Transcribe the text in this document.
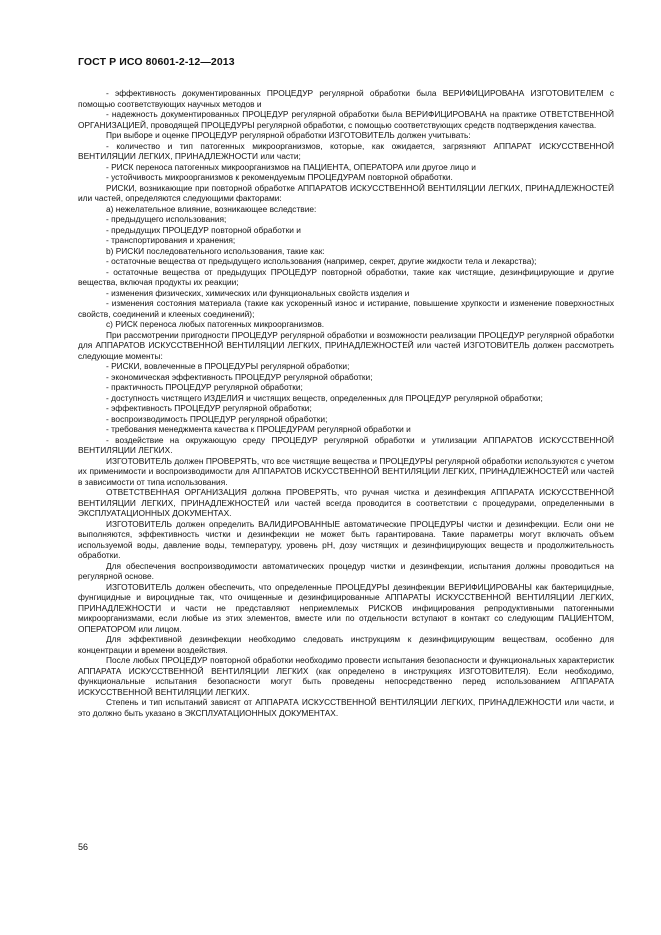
ГОСТ Р ИСО 80601-2-12—2013

- эффективность документированных ПРОЦЕДУР регулярной обработки была ВЕРИФИЦИРОВАНА ИЗГОТОВИТЕЛЕМ с помощью соответствующих научных методов и

- надежность документированных ПРОЦЕДУР регулярной обработки была ВЕРИФИЦИРОВАНА на практике ОТВЕТСТВЕННОЙ ОРГАНИЗАЦИЕЙ, проводящей ПРОЦЕДУРЫ регулярной обработки, с помощью соответствующих средств подтверждения качества.

При выборе и оценке ПРОЦЕДУР регулярной обработки ИЗГОТОВИТЕЛЬ должен учитывать:

- количество и тип патогенных микроорганизмов, которые, как ожидается, загрязняют АППАРАТ ИСКУССТВЕННОЙ ВЕНТИЛЯЦИИ ЛЕГКИХ, ПРИНАДЛЕЖНОСТИ или части;

- РИСК переноса патогенных микроорганизмов на ПАЦИЕНТА, ОПЕРАТОРА или другое лицо и

- устойчивость микроорганизмов к рекомендуемым ПРОЦЕДУРАМ повторной обработки.

РИСКИ, возникающие при повторной обработке АППАРАТОВ ИСКУССТВЕННОЙ ВЕНТИЛЯЦИИ ЛЕГКИХ, ПРИНАДЛЕЖНОСТЕЙ или частей, определяются следующими факторами:

a) нежелательное влияние, возникающее вследствие:

- предыдущего использования;

- предыдущих ПРОЦЕДУР повторной обработки и

- транспортирования и хранения;

b) РИСКИ последовательного использования, такие как:

- остаточные вещества от предыдущего использования (например, секрет, другие жидкости тела и лекарства);

- остаточные вещества от предыдущих ПРОЦЕДУР повторной обработки, такие как чистящие, дезинфицирующие и другие вещества, включая продукты их реакции;

- изменения физических, химических или функциональных свойств изделия и

- изменения состояния материала (такие как ускоренный износ и истирание, повышение хрупкости и изменение поверхностных свойств, соединений и клееных соединений);

c) РИСК переноса любых патогенных микроорганизмов.

При рассмотрении пригодности ПРОЦЕДУР регулярной обработки и возможности реализации ПРОЦЕДУР регулярной обработки для АППАРАТОВ ИСКУССТВЕННОЙ ВЕНТИЛЯЦИИ ЛЕГКИХ, ПРИНАДЛЕЖНОСТЕЙ или частей ИЗГОТОВИТЕЛЬ должен рассмотреть следующие моменты:

- РИСКИ, вовлеченные в ПРОЦЕДУРЫ регулярной обработки;

- экономическая эффективность ПРОЦЕДУР регулярной обработки;

- практичность ПРОЦЕДУР регулярной обработки;

- доступность чистящего ИЗДЕЛИЯ и чистящих веществ, определенных для ПРОЦЕДУР регулярной обработки;

- эффективность ПРОЦЕДУР регулярной обработки;

- воспроизводимость ПРОЦЕДУР регулярной обработки;

- требования менеджмента качества к ПРОЦЕДУРАМ регулярной обработки и

- воздействие на окружающую среду ПРОЦЕДУР регулярной обработки и утилизации АППАРАТОВ ИСКУССТВЕННОЙ ВЕНТИЛЯЦИИ ЛЕГКИХ.

ИЗГОТОВИТЕЛЬ должен ПРОВЕРЯТЬ, что все чистящие вещества и ПРОЦЕДУРЫ регулярной обработки используются с учетом их применимости и воспроизводимости для АППАРАТОВ ИСКУССТВЕННОЙ ВЕНТИЛЯЦИИ ЛЕГКИХ, ПРИНАДЛЕЖНОСТЕЙ или частей в зависимости от типа использования.

ОТВЕТСТВЕННАЯ ОРГАНИЗАЦИЯ должна ПРОВЕРЯТЬ, что ручная чистка и дезинфекция АППАРАТА ИСКУССТВЕННОЙ ВЕНТИЛЯЦИИ ЛЕГКИХ, ПРИНАДЛЕЖНОСТЕЙ или частей всегда проводится в соответствии с процедурами, определенными в ЭКСПЛУАТАЦИОННЫХ ДОКУМЕНТАХ.

ИЗГОТОВИТЕЛЬ должен определить ВАЛИДИРОВАННЫЕ автоматические ПРОЦЕДУРЫ чистки и дезинфекции. Если они не выполняются, эффективность чистки и дезинфекции не может быть гарантирована. Такие параметры могут включать объем используемой воды, давление воды, температуру, уровень pH, дозу чистящих и дезинфицирующих веществ и продолжительность обработки.

Для обеспечения воспроизводимости автоматических процедур чистки и дезинфекции, испытания должны проводиться на регулярной основе.

ИЗГОТОВИТЕЛЬ должен обеспечить, что определенные ПРОЦЕДУРЫ дезинфекции ВЕРИФИЦИРОВАНЫ как бактерицидные, фунгицидные и вироцидные так, что очищенные и дезинфицированные АППАРАТЫ ИСКУССТВЕННОЙ ВЕНТИЛЯЦИИ ЛЕГКИХ, ПРИНАДЛЕЖНОСТИ и части не представляют неприемлемых РИСКОВ инфицирования репродуктивными патогенными микроорганизмами, если любые из этих элементов, вместе или по отдельности вступают в контакт со следующим ПАЦИЕНТОМ, ОПЕРАТОРОМ или лицом.

Для эффективной дезинфекции необходимо следовать инструкциям к дезинфицирующим веществам, особенно для концентрации и времени воздействия.

После любых ПРОЦЕДУР повторной обработки необходимо провести испытания безопасности и функциональных характеристик АППАРАТА ИСКУССТВЕННОЙ ВЕНТИЛЯЦИИ ЛЕГКИХ (как определено в инструкциях ИЗГОТОВИТЕЛЯ). Если необходимо, функциональные испытания безопасности могут быть проведены непосредственно перед использованием АППАРАТА ИСКУССТВЕННОЙ ВЕНТИЛЯЦИИ ЛЕГКИХ.

Степень и тип испытаний зависят от АППАРАТА ИСКУССТВЕННОЙ ВЕНТИЛЯЦИИ ЛЕГКИХ, ПРИНАДЛЕЖНОСТИ или части, и это должно быть указано в ЭКСПЛУАТАЦИОННЫХ ДОКУМЕНТАХ.

56
